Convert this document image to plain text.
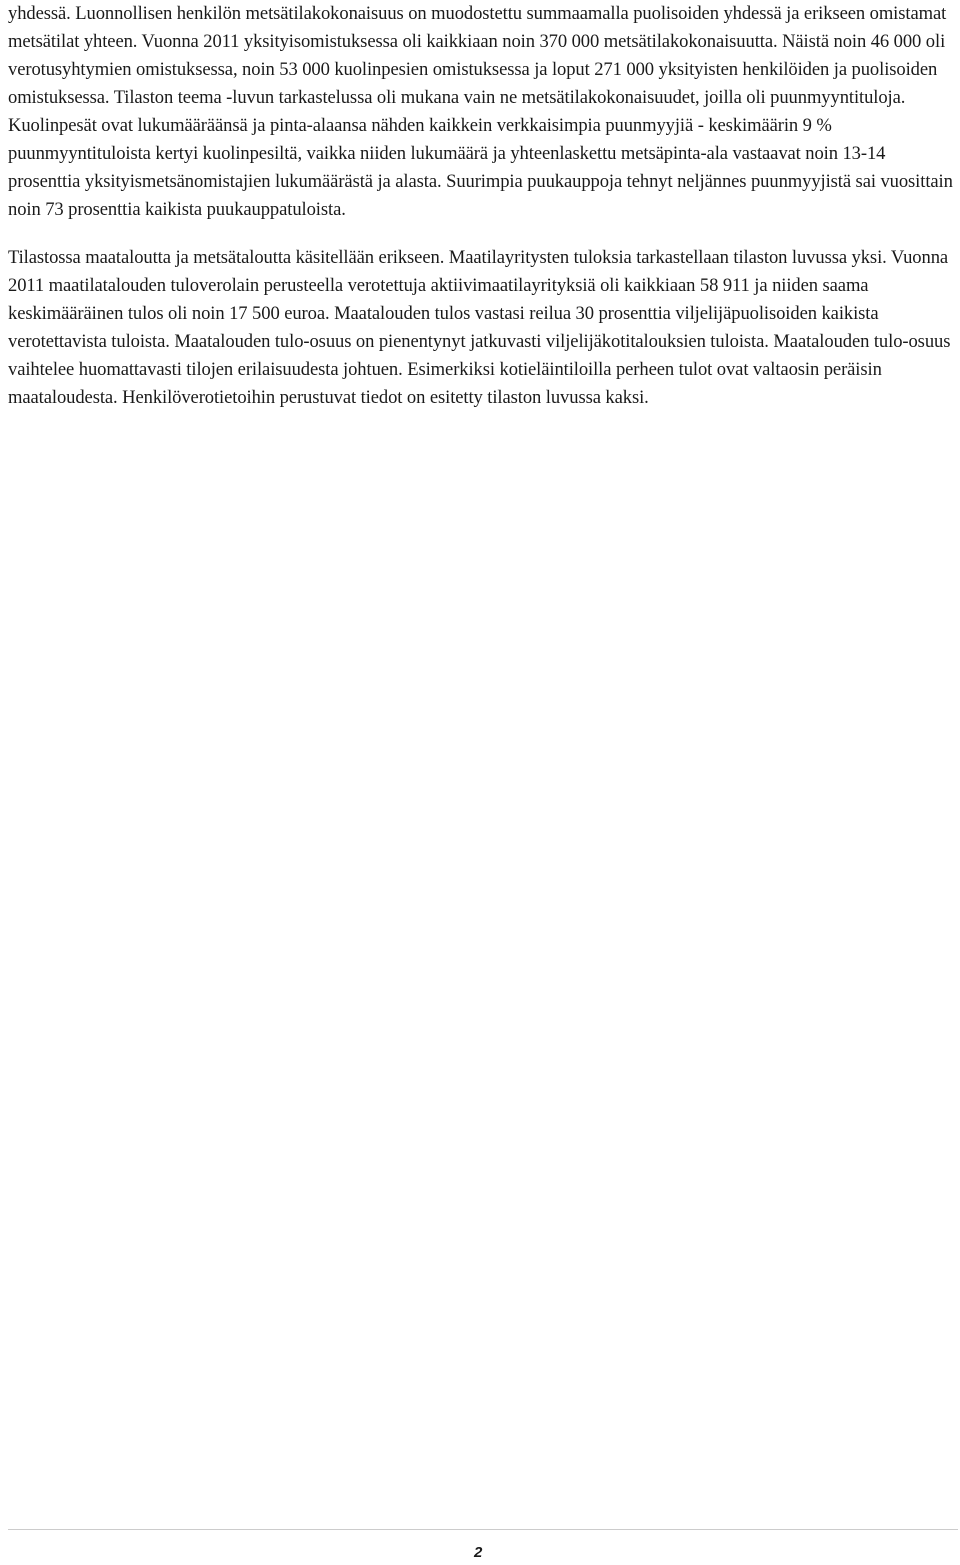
yhdessä. Luonnollisen henkilön metsätilakokonaisuus on muodostettu summaamalla puolisoiden yhdessä ja erikseen omistamat metsätilat yhteen. Vuonna 2011 yksityisomistuksessa oli kaikkiaan noin 370 000 metsätilakokonaisuutta. Näistä noin 46 000 oli verotusyhtymien omistuksessa, noin 53 000 kuolinpesien omistuksessa ja loput 271 000 yksityisten henkilöiden ja puolisoiden omistuksessa. Tilaston teema -luvun tarkastelussa oli mukana vain ne metsätilakokonaisuudet, joilla oli puunmyyntituloja. Kuolinpesät ovat lukumääräänsä ja pinta-alaansa nähden kaikkein verkkaisimpia puunmyyjiä - keskimäärin 9 % puunmyyntituloista kertyi kuolinpesiltä, vaikka niiden lukumäärä ja yhteenlaskettu metsäpinta-ala vastaavat noin 13-14 prosenttia yksityismetsänomistajien lukumäärästä ja alasta. Suurimpia puukauppoja tehnyt neljännes puunmyyjistä sai vuosittain noin 73 prosenttia kaikista puukauppatuloista.

Tilastossa maataloutta ja metsätaloutta käsitellään erikseen. Maatilayritysten tuloksia tarkastellaan tilaston luvussa yksi. Vuonna 2011 maatilatalouden tuloverolain perusteella verotettuja aktiivimaatilayrityksiä oli kaikkiaan 58 911 ja niiden saama keskimääräinen tulos oli noin 17 500 euroa. Maatalouden tulos vastasi reilua 30 prosenttia viljelijäpuolisoiden kaikista verotettavista tuloista. Maatalouden tulo-osuus on pienentynyt jatkuvasti viljelijäkotitalouksien tuloista. Maatalouden tulo-osuus vaihtelee huomattavasti tilojen erilaisuudesta johtuen. Esimerkiksi kotieläintiloilla perheen tulot ovat valtaosin peräisin maataloudesta. Henkilöverotietoihin perustuvat tiedot on esitetty tilaston luvussa kaksi.

2
